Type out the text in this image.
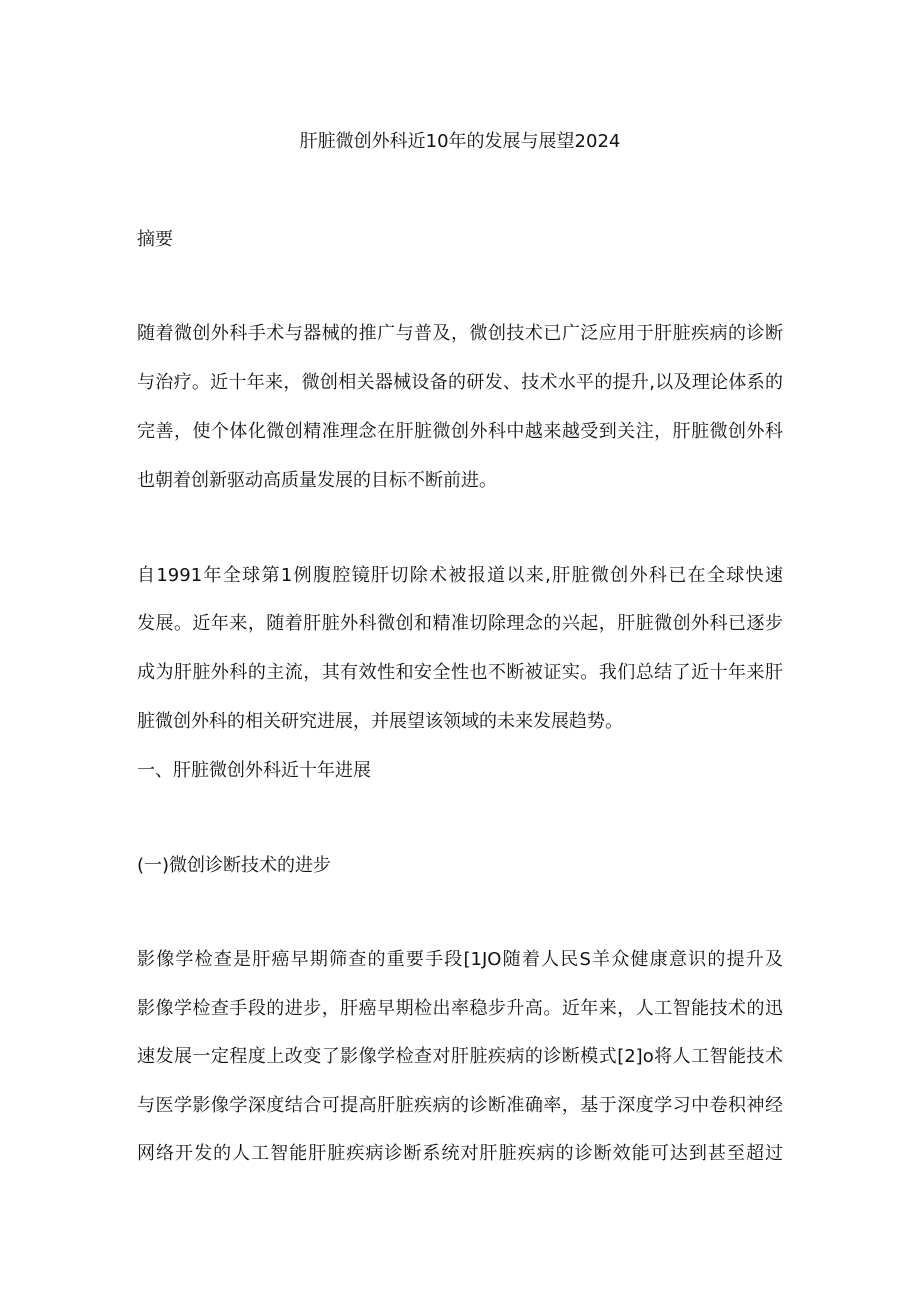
肝脏微创外科近10年的发展与展望2024
摘要
随着微创外科手术与器械的推广与普及，微创技术已广泛应用于肝脏疾病的诊断
与治疗。近十年来，微创相关器械设备的研发、技术水平的提升,以及理论体系的
完善，使个体化微创精准理念在肝脏微创外科中越来越受到关注，肝脏微创外科
也朝着创新驱动高质量发展的目标不断前进。
自1991年全球第1例腹腔镜肝切除术被报道以来,肝脏微创外科已在全球快速
发展。近年来，随着肝脏外科微创和精准切除理念的兴起，肝脏微创外科已逐步
成为肝脏外科的主流，其有效性和安全性也不断被证实。我们总结了近十年来肝
脏微创外科的相关研究进展，并展望该领域的未来发展趋势。
一、肝脏微创外科近十年进展
(一)微创诊断技术的进步
影像学检查是肝癌早期筛查的重要手段[1JO随着人民S羊众健康意识的提升及
影像学检查手段的进步，肝癌早期检出率稳步升高。近年来，人工智能技术的迅
速发展一定程度上改变了影像学检查对肝脏疾病的诊断模式[2]o将人工智能技术
与医学影像学深度结合可提高肝脏疾病的诊断准确率，基于深度学习中卷积神经
网络开发的人工智能肝脏疾病诊断系统对肝脏疾病的诊断效能可达到甚至超过
